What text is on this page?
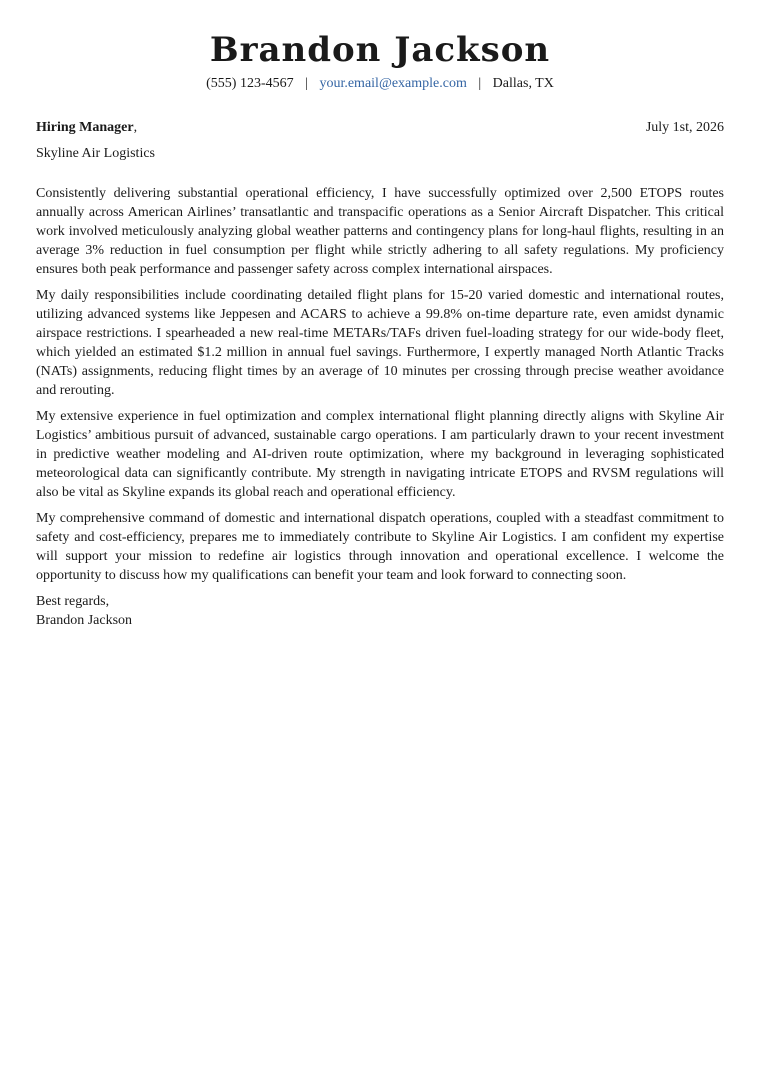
Brandon Jackson
(555) 123-4567 | your.email@example.com | Dallas, TX
Hiring Manager,	July 1st, 2026
Skyline Air Logistics

Consistently delivering substantial operational efficiency, I have successfully optimized over 2,500 ETOPS routes annually across American Airlines’ transatlantic and transpacific operations as a Senior Aircraft Dispatcher. This critical work involved meticulously analyzing global weather patterns and contingency plans for long-haul flights, resulting in an average 3% reduction in fuel consumption per flight while strictly adhering to all safety regulations. My proficiency ensures both peak performance and passenger safety across complex international airspaces.

My daily responsibilities include coordinating detailed flight plans for 15-20 varied domestic and international routes, utilizing advanced systems like Jeppesen and ACARS to achieve a 99.8% on-time departure rate, even amidst dynamic airspace restrictions. I spearheaded a new real-time METARs/TAFs driven fuel-loading strategy for our wide-body fleet, which yielded an estimated $1.2 million in annual fuel savings. Furthermore, I expertly managed North Atlantic Tracks (NATs) assignments, reducing flight times by an average of 10 minutes per crossing through precise weather avoidance and rerouting.

My extensive experience in fuel optimization and complex international flight planning directly aligns with Skyline Air Logistics’ ambitious pursuit of advanced, sustainable cargo operations. I am particularly drawn to your recent investment in predictive weather modeling and AI-driven route optimization, where my background in leveraging sophisticated meteorological data can significantly contribute. My strength in navigating intricate ETOPS and RVSM regulations will also be vital as Skyline expands its global reach and operational efficiency.

My comprehensive command of domestic and international dispatch operations, coupled with a steadfast commitment to safety and cost-efficiency, prepares me to immediately contribute to Skyline Air Logistics. I am confident my expertise will support your mission to redefine air logistics through innovation and operational excellence. I welcome the opportunity to discuss how my qualifications can benefit your team and look forward to connecting soon.

Best regards,
Brandon Jackson
